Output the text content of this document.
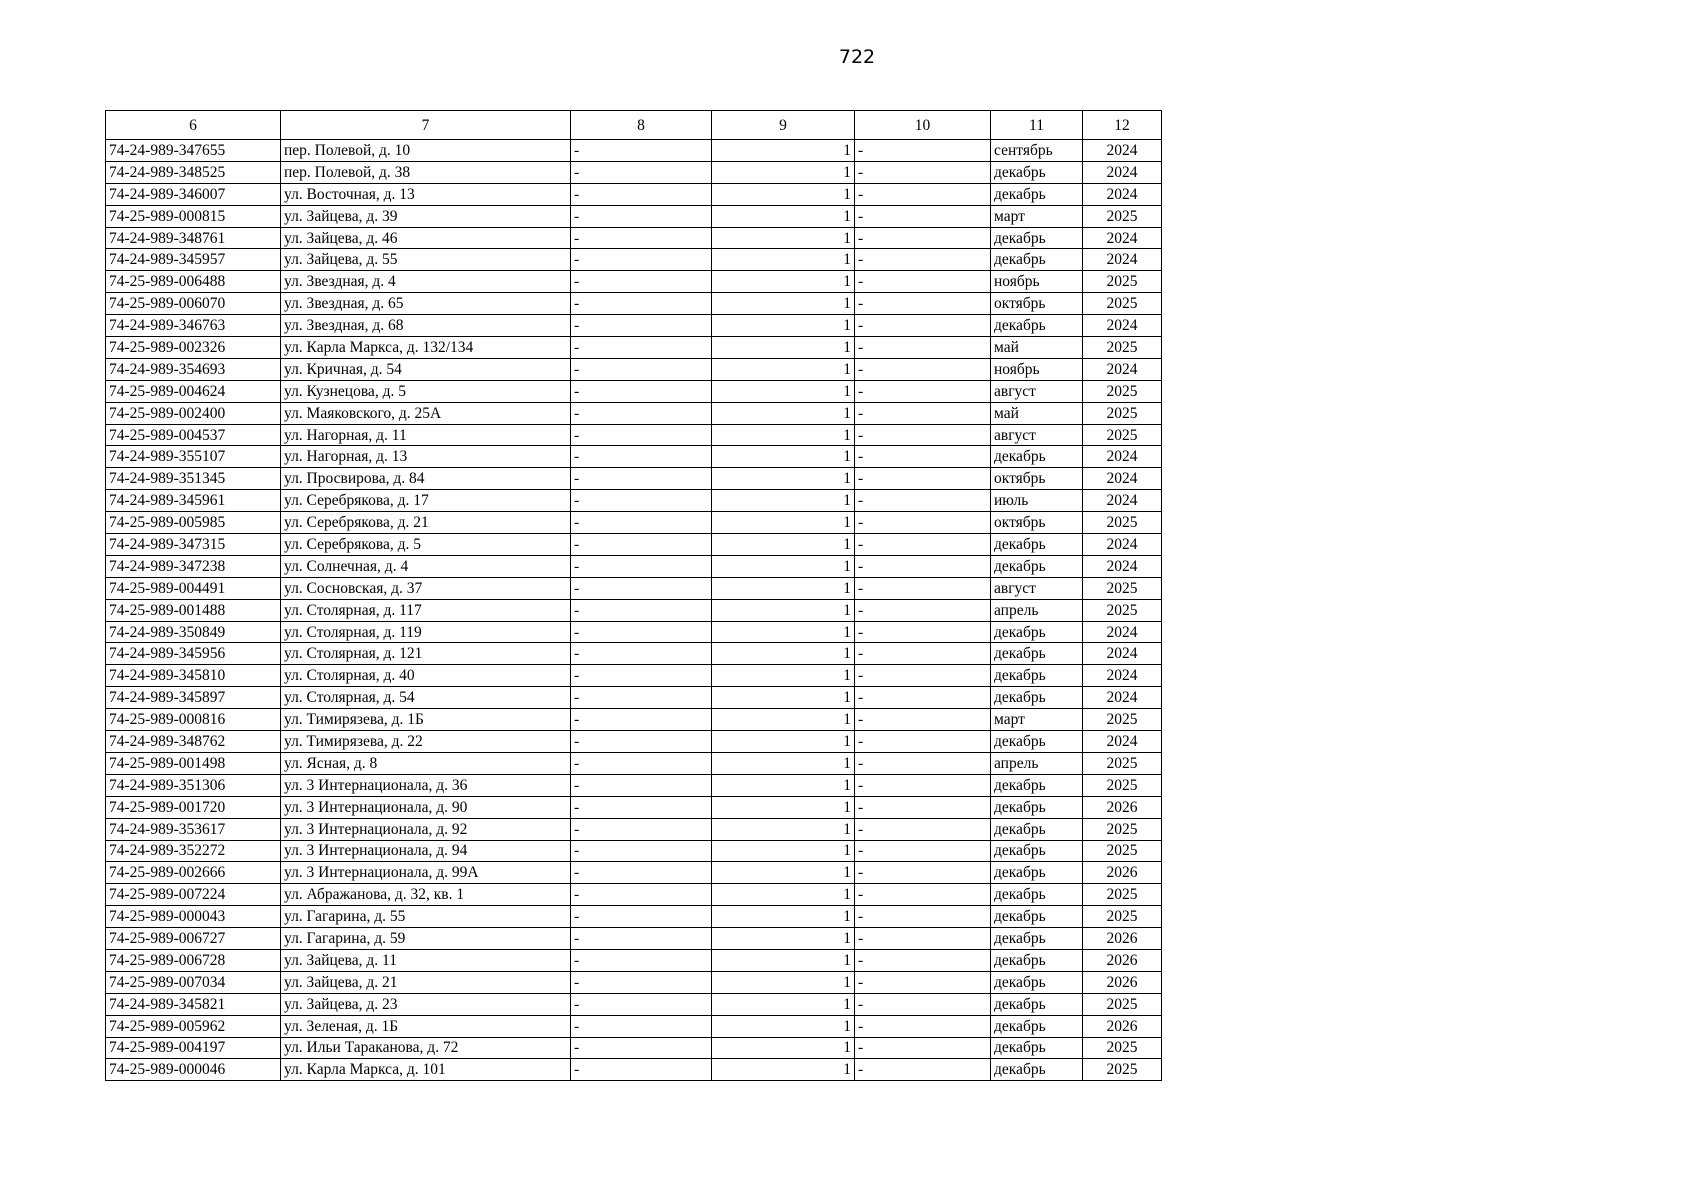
722
6	7	8	9	10	11	12
74-24-989-347655	пер. Полевой, д. 10	-	1	-	сентябрь	2024
74-24-989-348525	пер. Полевой, д. 38	-	1	-	декабрь	2024
74-24-989-346007	ул. Восточная, д. 13	-	1	-	декабрь	2024
74-25-989-000815	ул. Зайцева, д. 39	-	1	-	март	2025
74-24-989-348761	ул. Зайцева, д. 46	-	1	-	декабрь	2024
74-24-989-345957	ул. Зайцева, д. 55	-	1	-	декабрь	2024
74-25-989-006488	ул. Звездная, д. 4	-	1	-	ноябрь	2025
74-25-989-006070	ул. Звездная, д. 65	-	1	-	октябрь	2025
74-24-989-346763	ул. Звездная, д. 68	-	1	-	декабрь	2024
74-25-989-002326	ул. Карла Маркса, д. 132/134	-	1	-	май	2025
74-24-989-354693	ул. Кричная, д. 54	-	1	-	ноябрь	2024
74-25-989-004624	ул. Кузнецова, д. 5	-	1	-	август	2025
74-25-989-002400	ул. Маяковского, д. 25А	-	1	-	май	2025
74-25-989-004537	ул. Нагорная, д. 11	-	1	-	август	2025
74-24-989-355107	ул. Нагорная, д. 13	-	1	-	декабрь	2024
74-24-989-351345	ул. Просвирова, д. 84	-	1	-	октябрь	2024
74-24-989-345961	ул. Серебрякова, д. 17	-	1	-	июль	2024
74-25-989-005985	ул. Серебрякова, д. 21	-	1	-	октябрь	2025
74-24-989-347315	ул. Серебрякова, д. 5	-	1	-	декабрь	2024
74-24-989-347238	ул. Солнечная, д. 4	-	1	-	декабрь	2024
74-25-989-004491	ул. Сосновская, д. 37	-	1	-	август	2025
74-25-989-001488	ул. Столярная, д. 117	-	1	-	апрель	2025
74-24-989-350849	ул. Столярная, д. 119	-	1	-	декабрь	2024
74-24-989-345956	ул. Столярная, д. 121	-	1	-	декабрь	2024
74-24-989-345810	ул. Столярная, д. 40	-	1	-	декабрь	2024
74-24-989-345897	ул. Столярная, д. 54	-	1	-	декабрь	2024
74-25-989-000816	ул. Тимирязева, д. 1Б	-	1	-	март	2025
74-24-989-348762	ул. Тимирязева, д. 22	-	1	-	декабрь	2024
74-25-989-001498	ул. Ясная, д. 8	-	1	-	апрель	2025
74-24-989-351306	ул. 3 Интернационала, д. 36	-	1	-	декабрь	2025
74-25-989-001720	ул. 3 Интернационала, д. 90	-	1	-	декабрь	2026
74-24-989-353617	ул. 3 Интернационала, д. 92	-	1	-	декабрь	2025
74-24-989-352272	ул. 3 Интернационала, д. 94	-	1	-	декабрь	2025
74-25-989-002666	ул. 3 Интернационала, д. 99А	-	1	-	декабрь	2026
74-25-989-007224	ул. Абражанова, д. 32, кв. 1	-	1	-	декабрь	2025
74-25-989-000043	ул. Гагарина, д. 55	-	1	-	декабрь	2025
74-25-989-006727	ул. Гагарина, д. 59	-	1	-	декабрь	2026
74-25-989-006728	ул. Зайцева, д. 11	-	1	-	декабрь	2026
74-25-989-007034	ул. Зайцева, д. 21	-	1	-	декабрь	2026
74-24-989-345821	ул. Зайцева, д. 23	-	1	-	декабрь	2025
74-25-989-005962	ул. Зеленая, д. 1Б	-	1	-	декабрь	2026
74-25-989-004197	ул. Ильи Тараканова, д. 72	-	1	-	декабрь	2025
74-25-989-000046	ул. Карла Маркса, д. 101	-	1	-	декабрь	2025
